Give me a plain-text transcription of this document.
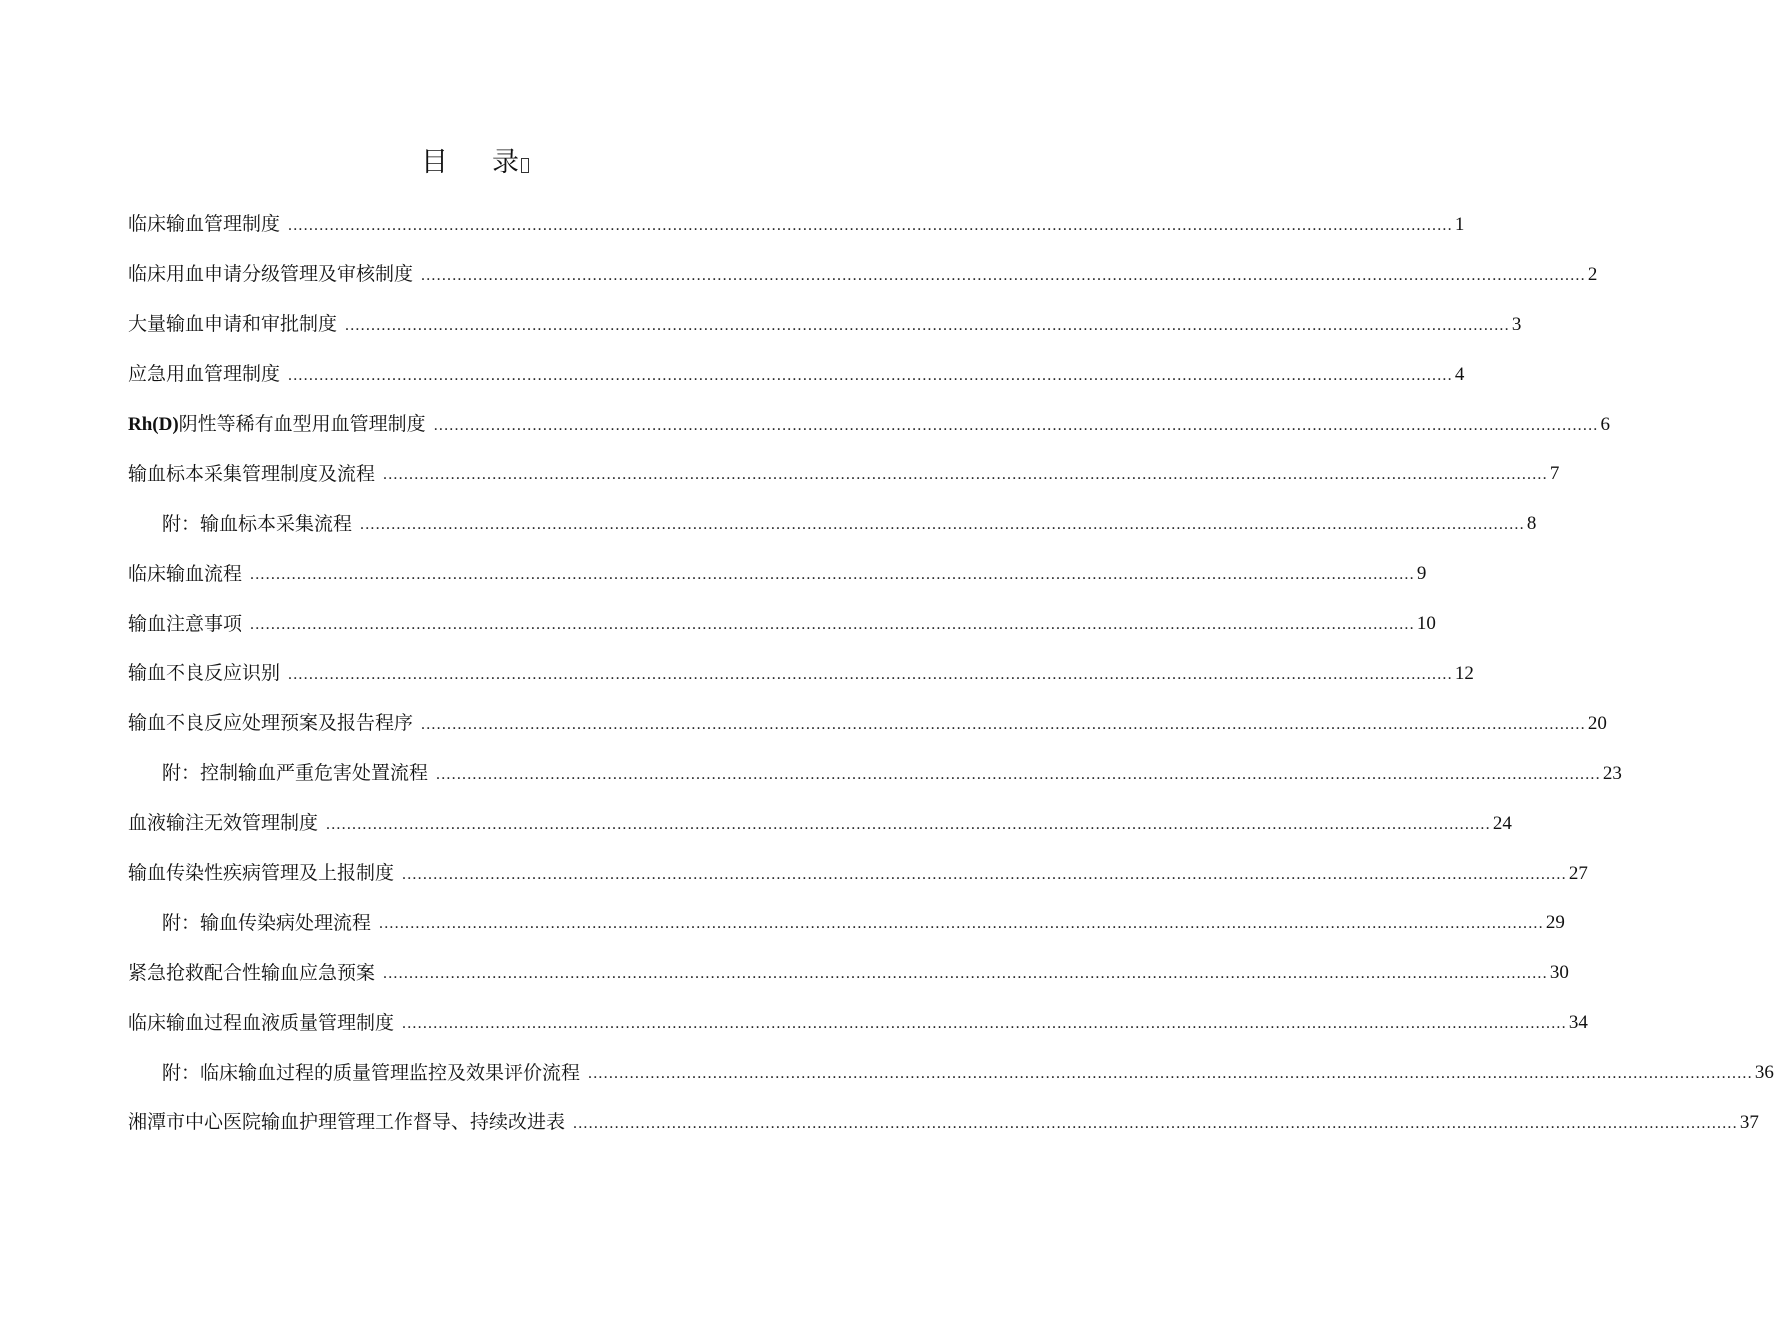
目 录
临床输血管理制度 ................................................................................................................................................................................................................................ 1
临床用血申请分级管理及审核制度 ................................................................................................................................................................................................................................ 2
大量输血申请和审批制度 ................................................................................................................................................................................................................................ 3
应急用血管理制度 ................................................................................................................................................................................................................................ 4
Rh(D)阴性等稀有血型用血管理制度 ................................................................................................................................................................................................................................ 6
输血标本采集管理制度及流程 ................................................................................................................................................................................................................................ 7
附：输血标本采集流程 ................................................................................................................................................................................................................................ 8
临床输血流程 ................................................................................................................................................................................................................................ 9
输血注意事项 ................................................................................................................................................................................................................................ 10
输血不良反应识别 ................................................................................................................................................................................................................................ 12
输血不良反应处理预案及报告程序 ................................................................................................................................................................................................................................ 20
附：控制输血严重危害处置流程 ................................................................................................................................................................................................................................ 23
血液输注无效管理制度 ................................................................................................................................................................................................................................ 24
输血传染性疾病管理及上报制度 ................................................................................................................................................................................................................................ 27
附：输血传染病处理流程 ................................................................................................................................................................................................................................ 29
紧急抢救配合性输血应急预案 ................................................................................................................................................................................................................................ 30
临床输血过程血液质量管理制度 ................................................................................................................................................................................................................................ 34
附：临床输血过程的质量管理监控及效果评价流程 ................................................................................................................................................................................................................................ 36
湘潭市中心医院输血护理管理工作督导、持续改进表 ................................................................................................................................................................................................................................ 37
